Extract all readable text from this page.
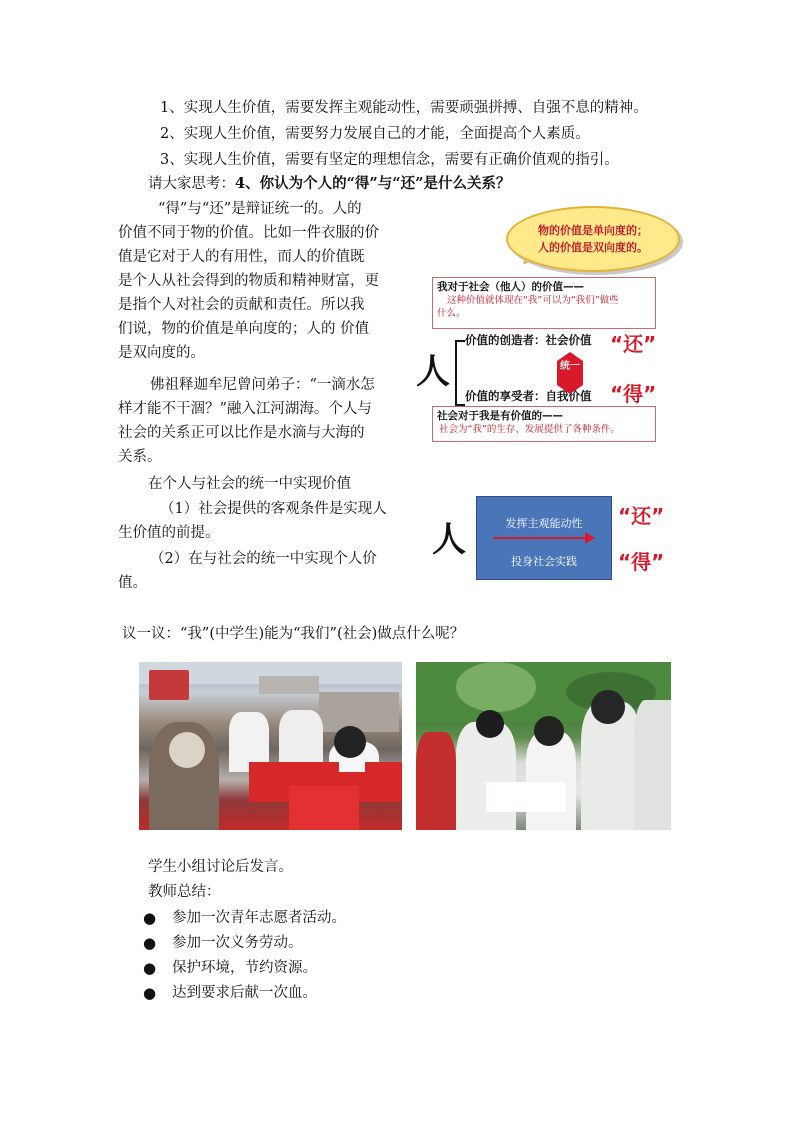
1、实现人生价值，需要发挥主观能动性，需要顽强拼搏、自强不息的精神。
2、实现人生价值，需要努力发展自己的才能，全面提高个人素质。
3、实现人生价值，需要有坚定的理想信念，需要有正确价值观的指引。
请大家思考：4、你认为个人的“得”与“还”是什么关系？
“得”与“还”是辩证统一的。人的
价值不同于物的价值。比如一件衣服的价
值是它对于人的有用性，而人的价值既
是个人从社会得到的物质和精神财富，更
是指个人对社会的贡献和责任。所以我
们说，物的价值是单向度的；人的 价值
是双向度的。
佛祖释迦牟尼曾问弟子：“一滴水怎
样才能不干涸？”融入江河湖海。个人与
社会的关系正可以比作是水滴与大海的
关系。
在个人与社会的统一中实现价值
（1）社会提供的客观条件是实现人
生价值的前提。
（2）在与社会的统一中实现个人价
值。
物的价值是单向度的；
人的价值是双向度的。
我对于社会（他人）的价值——
这种价值就体现在“我”可以为“我们”做些
什么。
人
价值的创造者：社会价值
价值的享受者：自我价值
统一
“还”
“得”
社会对于我是有价值的——
社会为“我”的生存、发展提供了各种条件。
人	发挥主观能动性
投身社会实践
“还”
“得”
议一议：“我”(中学生)能为“我们”(社会)做点什么呢？
学生小组讨论后发言。
教师总结：
● 参加一次青年志愿者活动。
● 参加一次义务劳动。
● 保护环境，节约资源。
● 达到要求后献一次血。
